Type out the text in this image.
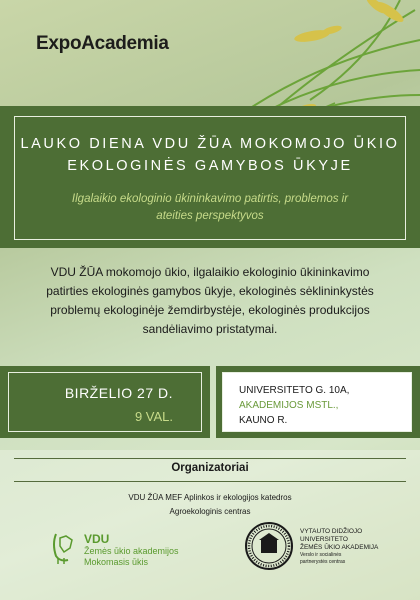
ExpoAcademia
LAUKO DIENA VDU ŽŪA MOKOMOJO ŪKIO
EKOLOGINĖS GAMYBOS ŪKYJE
Ilgalaikio ekologinio ūkininkavimo patirtis, problemos ir
ateities perspektyvos
VDU ŽŪA mokomojo ūkio, ilgalaikio ekologinio ūkininkavimo patirties ekologinės gamybos ūkyje, ekologinės sėklininkystės problemų ekologinėje žemdirbystėje, ekologinės produkcijos sandėliavimo pristatymai.
BIRŽELIO 27 D.
9 VAL.
UNIVERSITETO G. 10A,
AKADEMIJOS MSTL.,
KAUNO R.
Organizatoriai
VDU ŽŪA MEF Aplinkos ir ekologijos katedros
Agroekologinis centras
VDU
Žemės ūkio akademijos
Mokomasis ūkis
VYTAUTO DIDŽIOJO
UNIVERSITETO
ŽEMĖS ŪKIO AKADEMIJA
Verslo ir socialinės
partnerystės centras
